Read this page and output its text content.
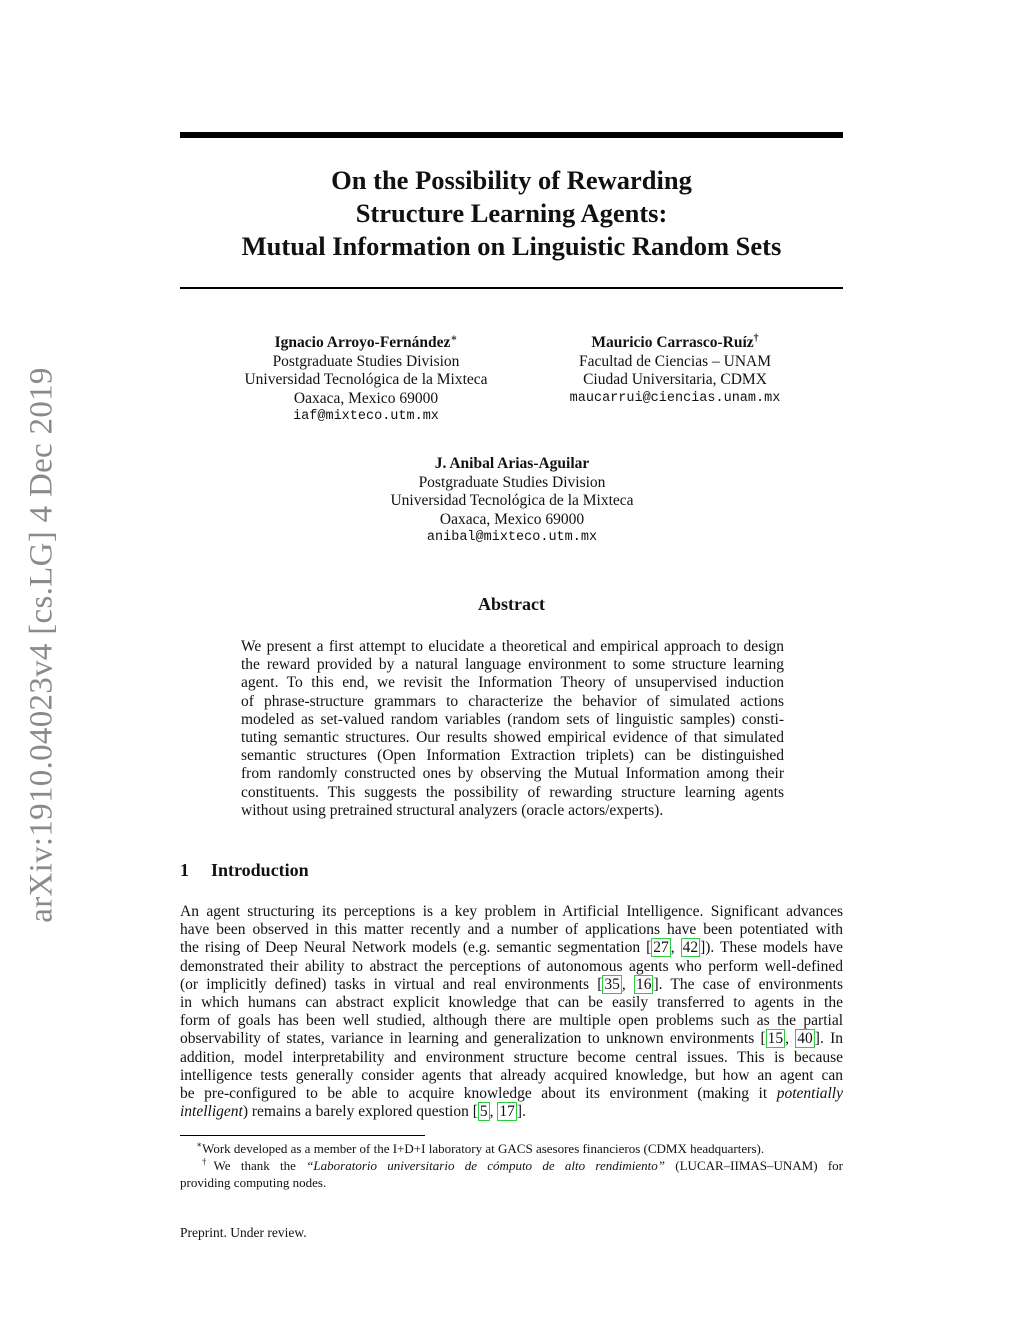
arXiv:1910.04023v4 [cs.LG] 4 Dec 2019
On the Possibility of Rewarding
Structure Learning Agents:
Mutual Information on Linguistic Random Sets
Ignacio Arroyo-Fernández∗
Postgraduate Studies Division
Universidad Tecnológica de la Mixteca
Oaxaca, Mexico 69000
iaf@mixteco.utm.mx
Mauricio Carrasco-Ruíz†
Facultad de Ciencias – UNAM
Ciudad Universitaria, CDMX
maucarrui@ciencias.unam.mx
J. Anibal Arias-Aguilar
Postgraduate Studies Division
Universidad Tecnológica de la Mixteca
Oaxaca, Mexico 69000
anibal@mixteco.utm.mx
Abstract
We present a first attempt to elucidate a theoretical and empirical approach to design
the reward provided by a natural language environment to some structure learning
agent. To this end, we revisit the Information Theory of unsupervised induction
of phrase-structure grammars to characterize the behavior of simulated actions
modeled as set-valued random variables (random sets of linguistic samples) consti-
tuting semantic structures. Our results showed empirical evidence of that simulated
semantic structures (Open Information Extraction triplets) can be distinguished
from randomly constructed ones by observing the Mutual Information among their
constituents. This suggests the possibility of rewarding structure learning agents
without using pretrained structural analyzers (oracle actors/experts).
1 Introduction
An agent structuring its perceptions is a key problem in Artificial Intelligence. Significant advances
have been observed in this matter recently and a number of applications have been potentiated with
the rising of Deep Neural Network models (e.g. semantic segmentation [ 27 , 42 ]). These models have
demonstrated their ability to abstract the perceptions of autonomous agents who perform well-defined
(or implicitly defined) tasks in virtual and real environments [ 35 , 16 ]. The case of environments
in which humans can abstract explicit knowledge that can be easily transferred to agents in the
form of goals has been well studied, although there are multiple open problems such as the partial
observability of states, variance in learning and generalization to unknown environments [ 15 , 40 ]. In
addition, model interpretability and environment structure become central issues. This is because
intelligence tests generally consider agents that already acquired knowledge, but how an agent can
be pre-configured to be able to acquire knowledge about its environment (making it potentially
intelligent) remains a barely explored question [ 5 , 17 ].
∗Work developed as a member of the I+D+I laboratory at GACS asesores financieros (CDMX headquarters).
†We thank the “Laboratorio universitario de cómputo de alto rendimiento” (LUCAR–IIMAS–UNAM) for
providing computing nodes.
Preprint. Under review.
